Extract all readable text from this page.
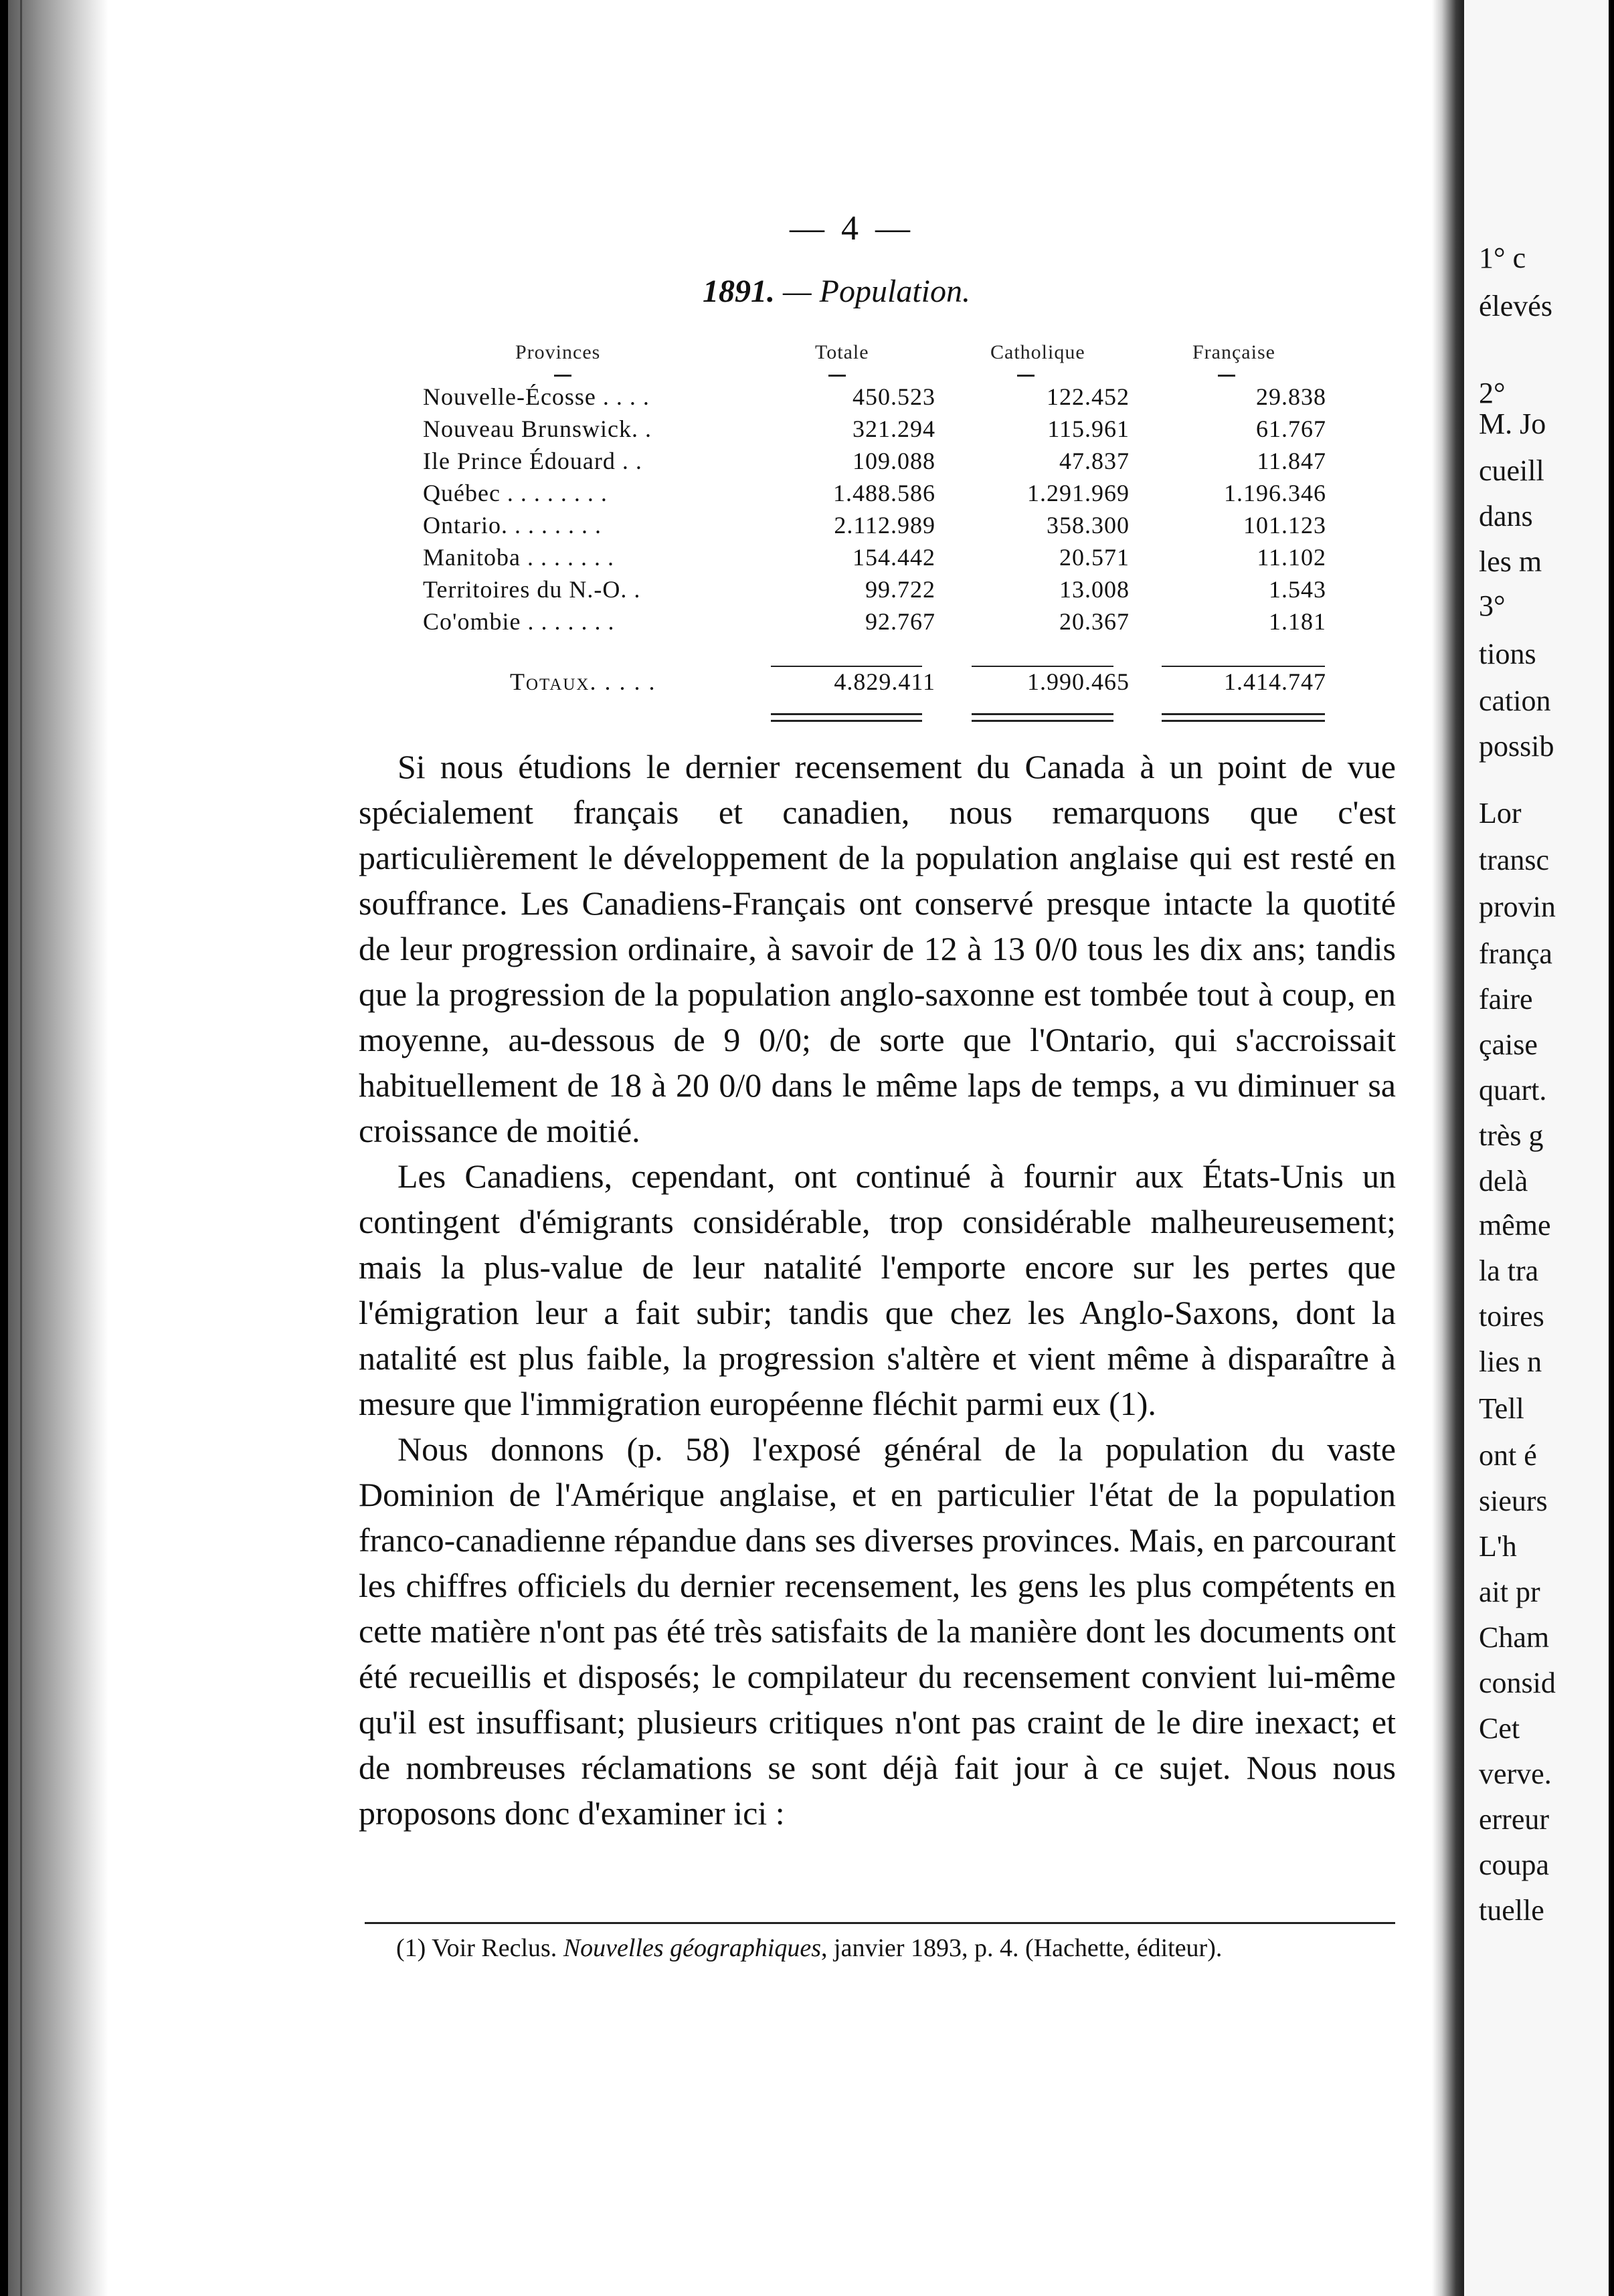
1° c
élevés
2°
M. Jo
cueill
dans
les m
3°
tions
cation
possib
Lor
transc
provin
frança
faire
çaise
quart.
très g
delà
même
la tra
toires
lies n
Tell
ont é
sieurs
L'h
ait pr
Cham
consid
Cet
verve.
erreur
coupa
tuelle
— 4 —
1891. — Population.
Provinces	Totale	Catholique	Française
Nouvelle-Écosse . . . .	450.523	122.452	29.838
Nouveau Brunswick. .	321.294	115.961	61.767
Ile Prince Édouard . .	109.088	47.837	11.847
Québec . . . . . . . .	1.488.586	1.291.969	1.196.346
Ontario. . . . . . . .	2.112.989	358.300	101.123
Manitoba . . . . . . .	154.442	20.571	11.102
Territoires du N.-O. .	99.722	13.008	1.543
Co'ombie . . . . . . .	92.767	20.367	1.181
Totaux. . . . .	4.829.411	1.990.465	1.414.747

Si nous étudions le dernier recensement du Canada à un point de vue spécialement français et canadien, nous remarquons que c'est particulièrement le développement de la population anglaise qui est resté en souffrance. Les Canadiens-Français ont conservé presque intacte la quotité de leur progression ordinaire, à savoir de 12 à 13 0/0 tous les dix ans; tandis que la progression de la population anglo-saxonne est tombée tout à coup, en moyenne, au-dessous de 9 0/0; de sorte que l'Ontario, qui s'accroissait habituellement de 18 à 20 0/0 dans le même laps de temps, a vu diminuer sa croissance de moitié.

Les Canadiens, cependant, ont continué à fournir aux États-Unis un contingent d'émigrants considérable, trop considérable malheureusement; mais la plus-value de leur natalité l'emporte encore sur les pertes que l'émigration leur a fait subir; tandis que chez les Anglo-Saxons, dont la natalité est plus faible, la progression s'altère et vient même à disparaître à mesure que l'immigration européenne fléchit parmi eux (1).

Nous donnons (p. 58) l'exposé général de la population du vaste Dominion de l'Amérique anglaise, et en particulier l'état de la population franco-canadienne répandue dans ses diverses provinces. Mais, en parcourant les chiffres officiels du dernier recensement, les gens les plus compétents en cette matière n'ont pas été très satisfaits de la manière dont les documents ont été recueillis et disposés; le compilateur du recensement convient lui-même qu'il est insuffisant; plusieurs critiques n'ont pas craint de le dire inexact; et de nombreuses réclamations se sont déjà fait jour à ce sujet. Nous nous proposons donc d'examiner ici :

(1) Voir Reclus. Nouvelles géographiques, janvier 1893, p. 4. (Hachette, éditeur).
